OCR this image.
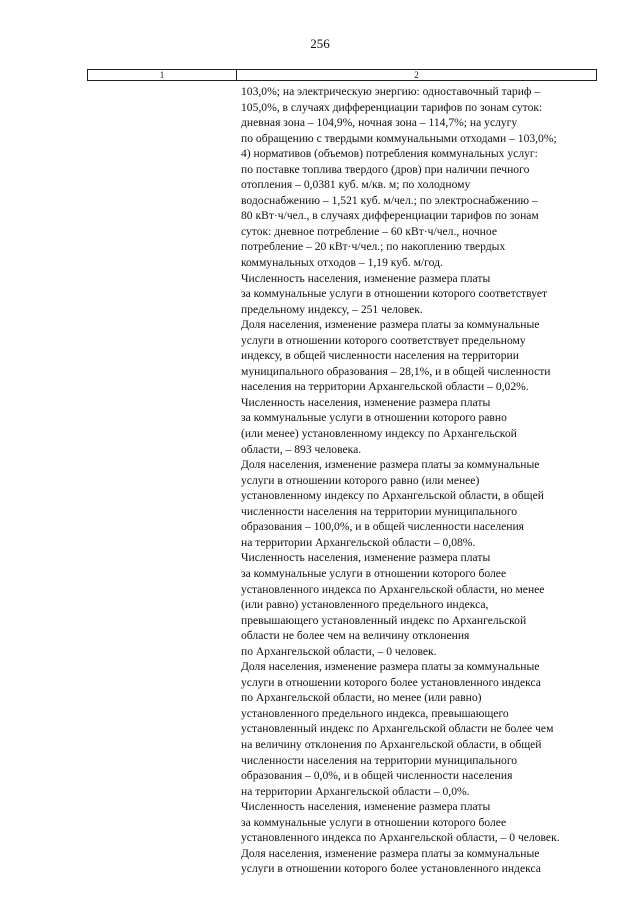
256
1	2
103,0%; на электрическую энергию: одноставочный тариф –
105,0%, в случаях дифференциации тарифов по зонам суток:
дневная зона – 104,9%, ночная зона – 114,7%; на услугу
по обращению с твердыми коммунальными отходами – 103,0%;
4) нормативов (объемов) потребления коммунальных услуг:
по поставке топлива твердого (дров) при наличии печного
отопления – 0,0381 куб. м/кв. м; по холодному
водоснабжению – 1,521 куб. м/чел.; по электроснабжению –
80 кВт·ч/чел., в случаях дифференциации тарифов по зонам
суток: дневное потребление – 60 кВт·ч/чел., ночное
потребление – 20 кВт·ч/чел.; по накоплению твердых
коммунальных отходов – 1,19 куб. м/год.
Численность населения, изменение размера платы
за коммунальные услуги в отношении которого соответствует
предельному индексу, – 251 человек.
Доля населения, изменение размера платы за коммунальные
услуги в отношении которого соответствует предельному
индексу, в общей численности населения на территории
муниципального образования – 28,1%, и в общей численности
населения на территории Архангельской области – 0,02%.
Численность населения, изменение размера платы
за коммунальные услуги в отношении которого равно
(или менее) установленному индексу по Архангельской
области, – 893 человека.
Доля населения, изменение размера платы за коммунальные
услуги в отношении которого равно (или менее)
установленному индексу по Архангельской области, в общей
численности населения на территории муниципального
образования – 100,0%, и в общей численности населения
на территории Архангельской области – 0,08%.
Численность населения, изменение размера платы
за коммунальные услуги в отношении которого более
установленного индекса по Архангельской области, но менее
(или равно) установленного предельного индекса,
превышающего установленный индекс по Архангельской
области не более чем на величину отклонения
по Архангельской области, – 0 человек.
Доля населения, изменение размера платы за коммунальные
услуги в отношении которого более установленного индекса
по Архангельской области, но менее (или равно)
установленного предельного индекса, превышающего
установленный индекс по Архангельской области не более чем
на величину отклонения по Архангельской области, в общей
численности населения на территории муниципального
образования – 0,0%, и в общей численности населения
на территории Архангельской области – 0,0%.
Численность населения, изменение размера платы
за коммунальные услуги в отношении которого более
установленного индекса по Архангельской области, – 0 человек.
Доля населения, изменение размера платы за коммунальные
услуги в отношении которого более установленного индекса
